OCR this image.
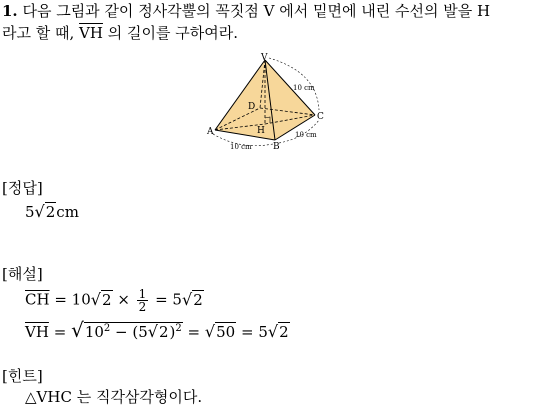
1. 다음 그림과 같이 정사각뿔의 꼭짓점 V 에서 밑면에 내린 수선의 발을 H
라고 할 때, $\overline{VH}$ 의 길이를 구하여라.
V
A
B
C
D
H
10 cm
10 cm
10 cm
[정답]
5√2cm
[해설]
$\overline{CH} = 10√2 \times \frac{1}{2} = 5√2$
$\overline{VH} = √10^2 - (5√2)^2 = √50 = 5√2$
[힌트]
△VHC 는 직각삼각형이다.
